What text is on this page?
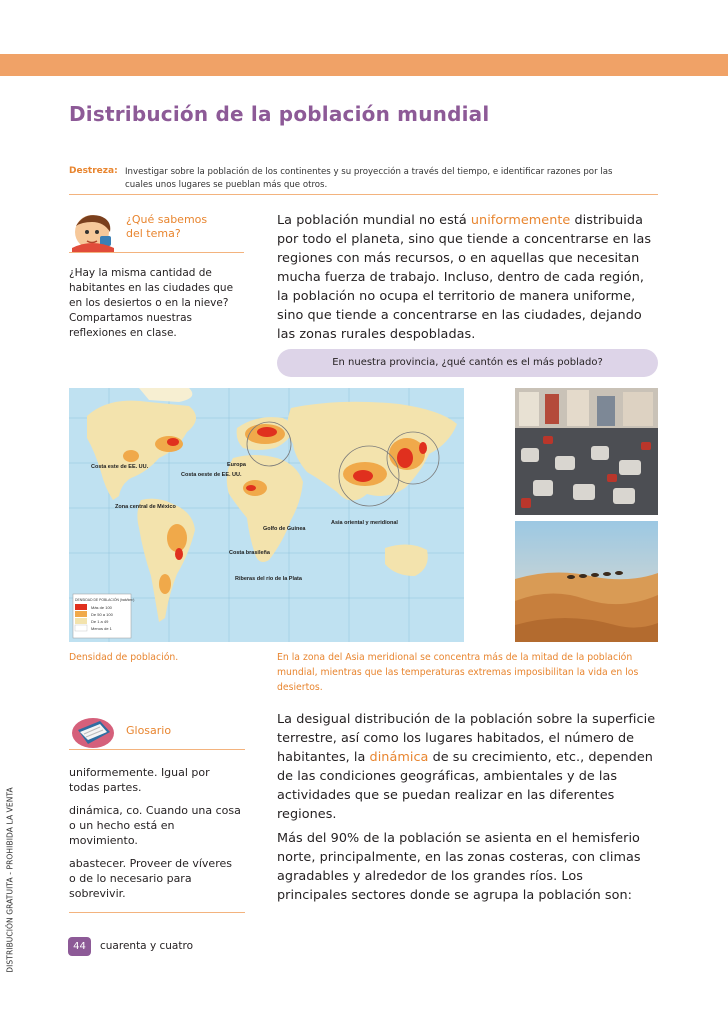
DISTRIBUCIÓN GRATUITA - PROHIBIDA LA VENTA
Distribución de la población mundial
Destreza: Investigar sobre la población de los continentes y su proyección a través del tiempo, e identificar razones por las cuales unos lugares se pueblan más que otros.
¿Qué sabemos
del tema?
¿Hay la misma cantidad de habitantes en las ciudades que en los desiertos o en la nieve? Compartamos nuestras reflexiones en clase.
La población mundial no está uniformemente distribuida por todo el planeta, sino que tiende a concentrarse en las regiones con más recursos, o en aquellas que necesitan mucha fuerza de trabajo. Incluso, dentro de cada región, la población no ocupa el territorio de manera uniforme, sino que tiende a concentrarse en las ciudades, dejando las zonas rurales despobladas.
En nuestra provincia, ¿qué cantón es el más poblado?
Costa este de EE. UU.
Costa oeste de EE. UU.
Zona central de México
Europa
Golfo de Guinea
Costa brasileña
Riberas del río de la Plata
Asia oriental y meridional
DENSIDAD DE POBLACIÓN (hab/km²)
Más de 100
De 50 a 100
De 1 a 49
Menos de 1
Densidad de población.	En la zona del Asia meridional se concentra más de la mitad de la población mundial, mientras que las temperaturas extremas imposibilitan la vida en los desiertos.
Glosario
uniformemente. Igual por todas partes.
dinámica, co. Cuando una cosa o un hecho está en movimiento.
abastecer. Proveer de víveres o de lo necesario para sobrevivir.
La desigual distribución de la población sobre la superficie terrestre, así como los lugares habitados, el número de habitantes, la dinámica de su crecimiento, etc., dependen de las condiciones geográficas, ambientales y de las actividades que se puedan realizar en las diferentes regiones.
Más del 90% de la población se asienta en el hemisferio norte, principalmente, en las zonas costeras, con climas agradables y alrededor de los grandes ríos. Los principales sectores donde se agrupa la población son:
44	cuarenta y cuatro
